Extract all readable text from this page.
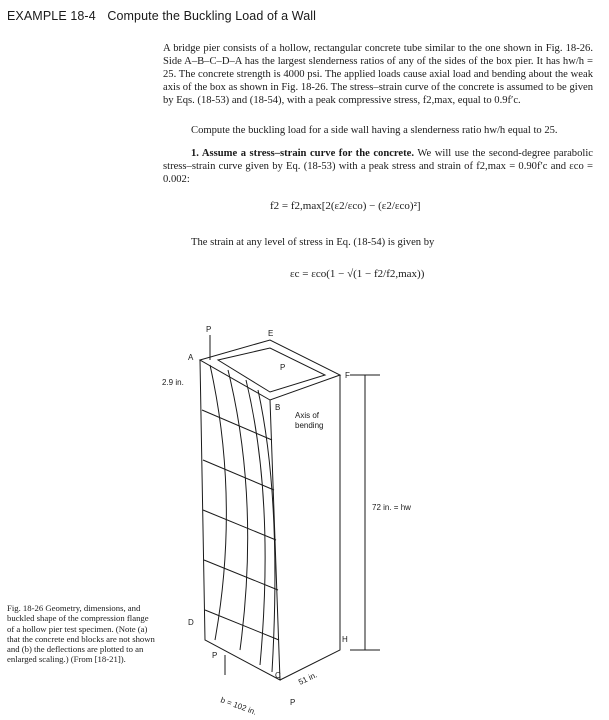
EXAMPLE 18-4 Compute the Buckling Load of a Wall
A bridge pier consists of a hollow, rectangular concrete tube similar to the one shown in Fig. 18-26. Side A–B–C–D–A has the largest slenderness ratios of any of the sides of the box pier. It has hw/h = 25. The concrete strength is 4000 psi. The applied loads cause axial load and bending about the weak axis of the box as shown in Fig. 18-26. The stress–strain curve of the concrete is assumed to be given by Eqs. (18-53) and (18-54), with a peak compressive stress, f2,max, equal to 0.9f′c.
Compute the buckling load for a side wall having a slenderness ratio hw/h equal to 25.
1. Assume a stress–strain curve for the concrete. We will use the second-degree parabolic stress–strain curve given by Eq. (18-53) with a peak stress and strain of f2,max = 0.90f′c and εco = 0.002:
f2 = f2,max[2(ε2/εco) − (ε2/εco)²]
The strain at any level of stress in Eq. (18-54) is given by
εc = εco(1 − √(1 − f2/f2,max))
P
A
E
F
P
B
2.9 in.
Axis of
bending
72 in. = hw
D
H
P
C
b = 102 in.
51 in.
P
Fig. 18-26 Geometry, dimensions, and buckled shape of the compression flange of a hollow pier test specimen. (Note (a) that the concrete end blocks are not shown and (b) the deflections are plotted to an enlarged scaling.) (From [18-21]).
